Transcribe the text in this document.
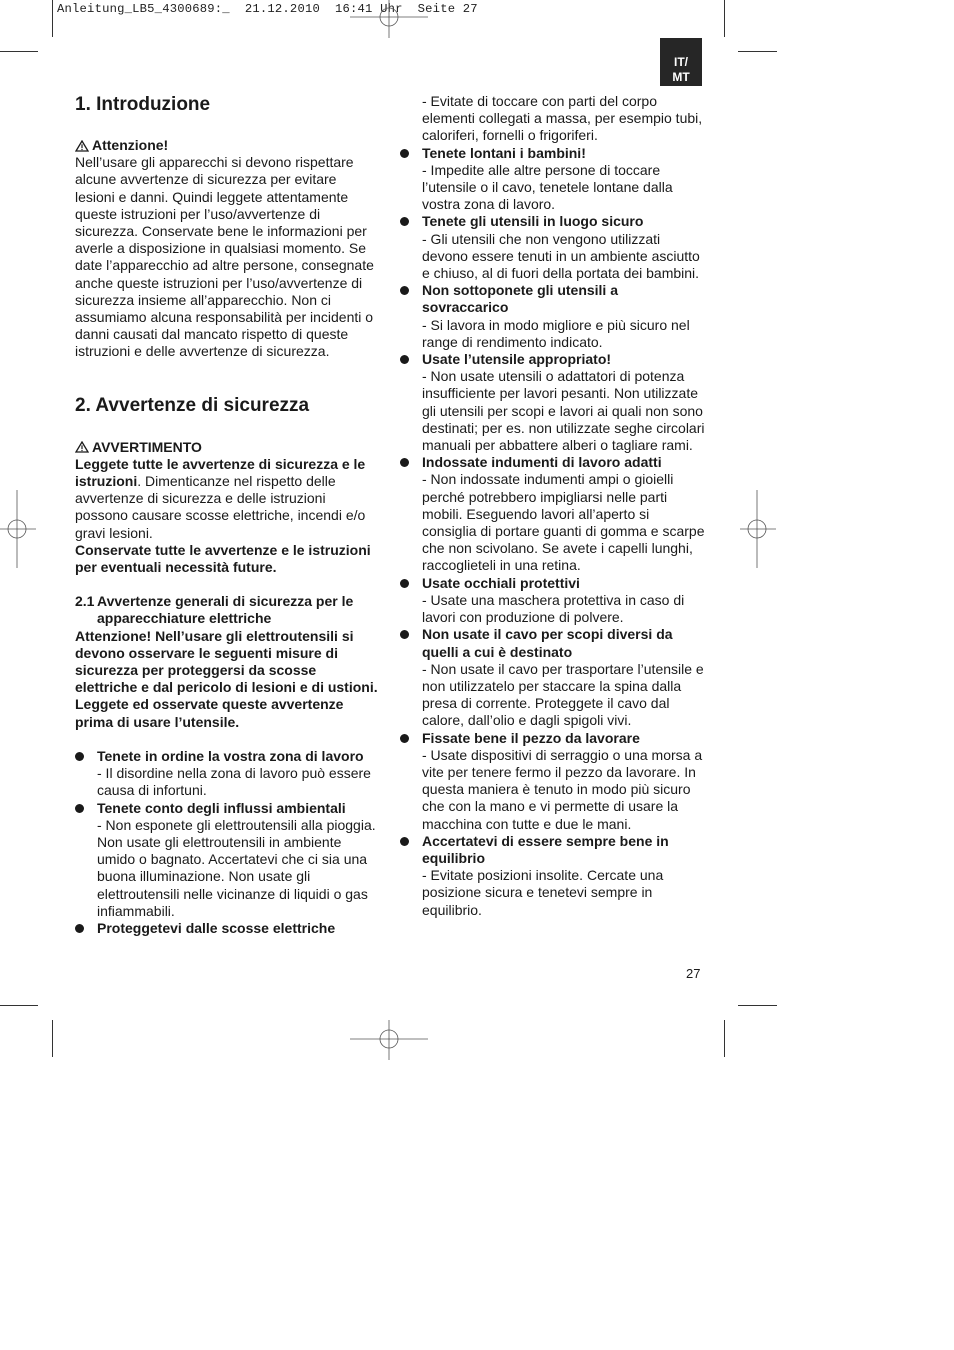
Anleitung_LB5_4300689:_  21.12.2010  16:41 Uhr  Seite 27
IT/
MT
1. Introduzione
Attenzione!

Nell’usare gli apparecchi si devono rispettare alcune avvertenze di sicurezza per evitare lesioni e danni. Quindi leggete attentamente queste istruzioni per l’uso/avvertenze di sicurezza. Conservate bene le informazioni per averle a disposizione in qualsiasi momento. Se date l’apparecchio ad altre persone, consegnate anche queste istruzioni per l’uso/avvertenze di sicurezza insieme all’apparecchio. Non ci assumiamo alcuna responsabilità per incidenti o danni causati dal mancato rispetto di queste istruzioni e delle avvertenze di sicurezza.

2. Avvertenze di sicurezza
AVVERTIMENTO

Leggete tutte le avvertenze di sicurezza e le istruzioni. Dimenticanze nel rispetto delle avvertenze di sicurezza e delle istruzioni possono causare scosse elettriche, incendi e/o gravi lesioni.

Conservate tutte le avvertenze e le istruzioni per eventuali necessità future.

2.1 Avvertenze generali di sicurezza per le apparecchiature elettriche

Attenzione! Nell’usare gli elettroutensili si devono osservare le seguenti misure di sicurezza per proteggersi da scosse elettriche e dal pericolo di lesioni e di ustioni. Leggete ed osservate queste avvertenze prima di usare l’utensile.

Tenete in ordine la vostra zona di lavoro
- Il disordine nella zona di lavoro può essere causa di infortuni.
Tenete conto degli influssi ambientali
- Non esponete gli elettroutensili alla pioggia. Non usate gli elettroutensili in ambiente umido o bagnato. Accertatevi che ci sia una buona illuminazione. Non usate gli elettroutensili nelle vicinanze di liquidi o gas infiammabili.
Proteggetevi dalle scosse elettriche

- Evitate di toccare con parti del corpo elementi collegati a massa, per esempio tubi, caloriferi, fornelli o frigoriferi.

Tenete lontani i bambini!
- Impedite alle altre persone di toccare l’utensile o il cavo, tenetele lontane dalla vostra zona di lavoro.
Tenete gli utensili in luogo sicuro
- Gli utensili che non vengono utilizzati devono essere tenuti in un ambiente asciutto e chiuso, al di fuori della portata dei bambini.
Non sottoponete gli utensili a sovraccarico
- Si lavora in modo migliore e più sicuro nel range di rendimento indicato.
Usate l’utensile appropriato!
- Non usate utensili o adattatori di potenza insufficiente per lavori pesanti. Non utilizzate gli utensili per scopi e lavori ai quali non sono destinati; per es. non utilizzate seghe circolari manuali per abbattere alberi o tagliare rami.
Indossate indumenti di lavoro adatti
- Non indossate indumenti ampi o gioielli perché potrebbero impigliarsi nelle parti mobili. Eseguendo lavori all’aperto si consiglia di portare guanti di gomma e scarpe che non scivolano. Se avete i capelli lunghi, raccoglieteli in una retina.
Usate occhiali protettivi
- Usate una maschera protettiva in caso di lavori con produzione di polvere.
Non usate il cavo per scopi diversi da quelli a cui è destinato
- Non usate il cavo per trasportare l’utensile e non utilizzatelo per staccare la spina dalla presa di corrente. Proteggete il cavo dal calore, dall’olio e dagli spigoli vivi.
Fissate bene il pezzo da lavorare
- Usate dispositivi di serraggio o una morsa a vite per tenere fermo il pezzo da lavorare. In questa maniera è tenuto in modo più sicuro che con la mano e vi permette di usare la macchina con tutte e due le mani.
Accertatevi di essere sempre bene in equilibrio
- Evitate posizioni insolite. Cercate una posizione sicura e tenetevi sempre in equilibrio.
27
